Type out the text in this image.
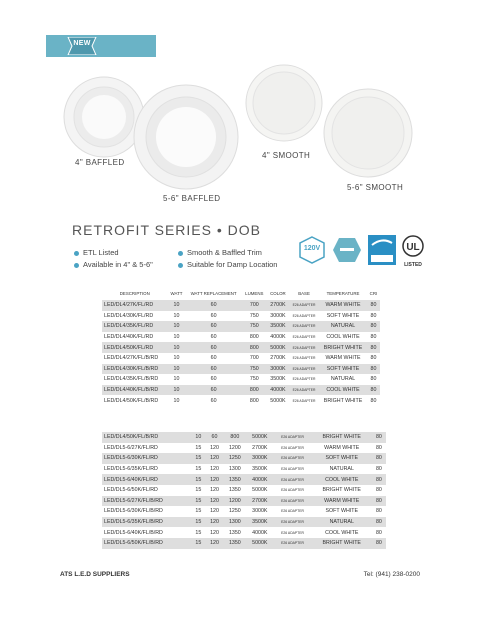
NEW
4" BAFFLED
5-6" BAFFLED
4" SMOOTH
5-6" SMOOTH
RETROFIT SERIES • DOB
ETL Listed	Smooth & Baffled Trim
Available in 4" & 5-6"	Suitable for Damp Location
120V	UL
LISTED
DESCRIPTION	WATT	WATT REPLACEMENT	LUMENS	COLOR	BASE	TEMPERATURE	CRI
LED/DL4/27K/FL/RD	10	60	700	2700K	E26 ADAPTER	WARM WHITE	80
LED/DL4/30K/FL/RD	10	60	750	3000K	E26 ADAPTER	SOFT WHITE	80
LED/DL4/35K/FL/RD	10	60	750	3500K	E26 ADAPTER	NATURAL	80
LED/DL4/40K/FL/RD	10	60	800	4000K	E26 ADAPTER	COOL WHITE	80
LED/DL4/50K/FL/RD	10	60	800	5000K	E26 ADAPTER	BRIGHT WHITE	80
LED/DL4/27K/FL/B/RD	10	60	700	2700K	E26 ADAPTER	WARM WHITE	80
LED/DL4/30K/FL/B/RD	10	60	750	3000K	E26 ADAPTER	SOFT WHITE	80
LED/DL4/35K/FL/B/RD	10	60	750	3500K	E26 ADAPTER	NATURAL	80
LED/DL4/40K/FL/B/RD	10	60	800	4000K	E26 ADAPTER	COOL WHITE	80
LED/DL4/50K/FL/B/RD	10	60	800	5000K	E26 ADAPTER	BRIGHT WHITE	80
LED/DL4/50K/FL/B/RD	10	60	800	5000K	E26 ADAPTER	BRIGHT WHITE	80
LED/DL5-6/27K/FL/RD	15	120	1200	2700K	E26 ADAPTER	WARM WHITE	80
LED/DL5-6/30K/FL/RD	15	120	1250	3000K	E26 ADAPTER	SOFT WHITE	80
LED/DL5-6/35K/FL/RD	15	120	1300	3500K	E26 ADAPTER	NATURAL	80
LED/DL5-6/40K/FL/RD	15	120	1350	4000K	E26 ADAPTER	COOL WHITE	80
LED/DL5-6/50K/FL/RD	15	120	1350	5000K	E26 ADAPTER	BRIGHT WHITE	80
LED/DL5-6/27K/FL/B/RD	15	120	1200	2700K	E26 ADAPTER	WARM WHITE	80
LED/DL5-6/30K/FL/B/RD	15	120	1250	3000K	E26 ADAPTER	SOFT WHITE	80
LED/DL5-6/35K/FL/B/RD	15	120	1300	3500K	E26 ADAPTER	NATURAL	80
LED/DL5-6/40K/FL/B/RD	15	120	1350	4000K	E26 ADAPTER	COOL WHITE	80
LED/DL5-6/50K/FL/B/RD	15	120	1350	5000K	E26 ADAPTER	BRIGHT WHITE	80
ATS L.E.D SUPPLIERS	Tel: (941) 238-0200
